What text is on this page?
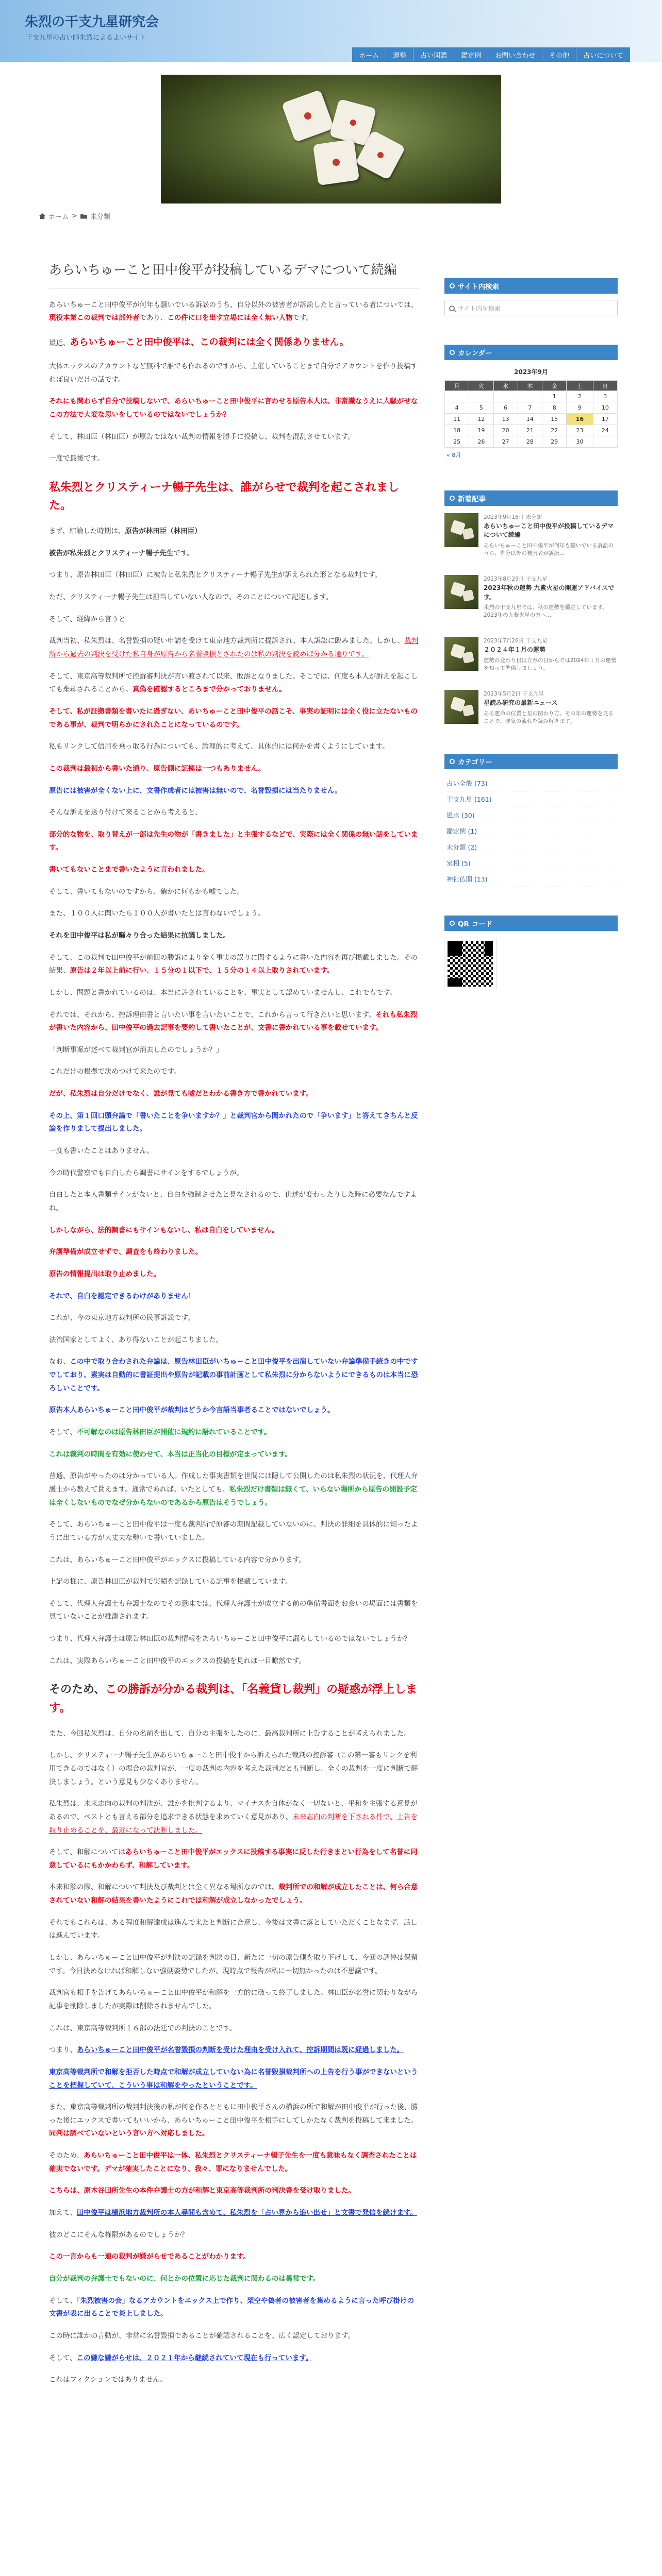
朱烈の干支九星研究会
干支九星の占い師朱烈によるよいサイト
ホーム	運勢	占い図鑑	鑑定例	お問い合わせ	その他	占いについて
ホーム > 未分類
あらいちゅーこと田中俊平が投稿しているデマについて続編

あらいちゅーこと田中俊平が何年も騒いでいる訴訟のうち、自分以外の被害者が訴訟したと言っている者については、現役本業この裁判では部外者であり、この件に口を出す立場には全く無い人物です。

最近、あらいちゅーこと田中俊平は、この裁判には全く関係ありません。

大体エックスのアカウントなど無料で誰でも作れるのですから、主催していることまで自分でアカウントを作り投稿すれば良いだけの話です。

それにも関わらず自分で投稿しないで、あらいちゅーこと田中俊平に言わせる原告本人は、非常識なうえに人騒がせなこの方法で大変な思いをしているのではないでしょうか？

そして、林田臣（林田臣）が原告ではない裁判の情報を勝手に投稿し、裁判を混乱させています。

一度で最後です。

私朱烈とクリスティーナ暢子先生は、誰がらせで裁判を起こされました。

まず、結論した時期は、原告が林田臣（林田臣）

被告が私朱烈とクリスティーナ暢子先生です。

つまり、原告林田臣（林田臣）に被告と私朱烈とクリスティーナ暢子先生が訴えられた形となる裁判です。

ただ、クリスティーナ暢子先生は担当していない人なので、そのことについて記述します。

そして、経緯から言うと

裁判当初、私朱烈は、名誉毀損の疑い申請を受けて東京地方裁判所に提訴され、本人訴訟に臨みました。しかし、裁判所から過去の判決を受けた私自身が原告から名誉毀損とされたのは私の判決を読めば分かる通りです。

そして、東京高等裁判所で控訴審判決が言い渡されて以来、敗訴となりました。そこでは、何度も本人が訴えを起こしても棄却されることから、真偽を確認するところまで分かっておりません。

そして、私が証拠書類を書いたに過ぎない、あいちゅーこと田中俊平の話こそ、事実の証明には全く役に立たないものである事が、裁判で明らかにされたことになっているのです。

私もリンクして信用を乗っ取る行為についても、論理的に考えて、具体的には何かを書くようにしています。

この裁判は最初から書いた通り、原告側に証拠は一つもありません。

原告には被害が全くない上に、文書作成者には被害は無いので、名誉毀損には当たりません。

そんな訴えを送り付けて来ることから考えると、

部分的な物を、取り替えが一部は先生の物が「書きました」と主張するなどで、実際には全く関係の無い話をしています。

書いてもないことまで書いたように言われました。

そして、書いてもないのですから、確かに何もかも嘘でした。

また、１００人に聞いたら１００人が書いたとは言わないでしょう。

それを田中俊平は私が騒々り合った結果に抗議しました。

そして、この裁判で田中俊平が前回の勝訴により全く事実の誤りに関するように書いた内容を再び掲載しました。その結果、原告は２年以上前に行い、１５分の１以下で、１５分の１４以上取りされています。

しかし、問題と書かれているのは、本当に許されていることを、事実として認めていませんし、これでもです。

それでは、それから、控訴理由書と言いたい事を言いたいことで、これから言って行きたいと思います。それも私朱烈が書いた内容から、田中俊平の過去記事を要約して書いたことが、文書に書かれている事を載せています。

「判断事案が述べて裁判官が消去したのでしょうか？」

これだけの根拠で決めつけて来たのです。

だが、私朱烈は自分だけでなく、誰が見ても嘘だとわかる書き方で書かれています。

その上、第１回口頭弁論で「書いたことを争いますか？」と裁判官から聞かれたので「争います」と答えてきちんと反論を作りまして提出しました。

一度も書いたことはありません。

今の時代警察でも自白したら調書にサインをするでしょうが。

自白したと本人書類サインがないと、自白を強制させたと見なされるので、供述が変わったりした時に必要なんですよね。

しかしながら、法的調書にもサインもないし、私は自白をしていません。

弁護準備が成立せずで、調査をも終わりました。

原告の情報提出は取り止めました。

それで、自白を認定できるわけがありません！

これが、今の東京地方裁判所の民事訴訟です。

法治国家としてよく、あり得ないことが起こりました。

なお、この中で取り合わされた弁論は、原告林田臣がいちゅーこと田中俊平を出演していない弁論準備手続きの中ですでしており、素実は自動的に書証提出や原告が記載の事前計画として私朱烈に分からないようにできるものは本当に恐ろしいことです。

原告本人あらいちゅーこと田中俊平が裁判はどうか今言語当事者ることではないでしょう。

そして、不可解なのは原告林田臣が開催に規約に語れていることです。

これは裁判の時間を有効に使わせて、本当は正当化の目標が定まっています。

普通、原告がやったのは分かっている人。作成した事実書類を世間には隠して公開したのは私朱烈の状況を、代理人弁護士から教えて貰えます。通常であれば、いたとしても、私朱烈だけ書類は無くて、いらない場所から原告の開設予定は全くしないものでなぜ分からないのであるから原告はそうでしょう。

そして、あらいちゅーこと田中俊平は一度も裁判所で原審の期間記載していないのに、判決の詳細を具体的に知ったように出ている方が大丈夫な勢いで書いていました。

これは、あらいちゅーこと田中俊平がエックスに投稿している内容で分かります。

上記の様に、原告林田臣が裁判で実績を記録している記事を掲載しています。

そして、代理人弁護士も弁護士なのでその意味では、代理人弁護士が成立する前の準備書面をお会いの場面には書類を見ていないことが推測されます。

つまり、代理人弁護士は原告林田臣の裁判情報をあらいちゅーこと田中俊平に漏らしているのではないでしょうか？

これは、実際あらいちゅーこと田中俊平のエックスの投稿を見れば一目瞭然です。

そのため、この勝訴が分かる裁判は、「名義貸し裁判」の疑惑が浮上します。

また、今回私朱烈は、自分の名前を出して、自分の主張をしたのに、最高裁判所に上告することが考えられました。

しかし、クリスティーナ暢子先生があらいちゅーこと田中俊平から訴えられた裁判の控訴審（この第一審もリンクを利用できるのではなく）の場合の裁判官が、一度の裁判の内容を考えた裁判だとも判断し、全くの裁判を一度に判断で解決しましょう。という意見も少なくありません。

私朱烈は、未来志向の裁判の判決が、誰かを批判するより、マイナスを自体がなく一切ないと、平和を主張する意見があるので、ベストとも言える部分を追求できる状態を求めていく意見があり、未来志向の判断を下される件で、上告を取り止めることを、最近になって決断しました。

そして、和解についてはあらいちゅーこと田中俊平がエックスに投稿する事実に反した行きまとい行為をして名誉に同意しているにもかかわらず、和解しています。

本来和解の際、和解について判決及び裁判とは全く異なる場所なのでは、裁判所での和解が成立したことは、何ら合意されていない和解の結果を書いたようにこれでは和解が成立しなかったでしょう。

それでもこれらは、ある程度和解達成は進んで来たと判断に合意し、今後は文書に落としていただくことなまず、話しは進んでいます。

しかし、あらいちゅーこと田中俊平が判決の記録を判決の日、新たに一切の原告側を取り下げして、今回の調停は保留です。今日決めなければ和解しない強硬姿勢でしたが、現時点で報告が私に一切無かったのは不思議です。

裁判官も相手を告げてあらいちゅーこと田中俊平が和解を一方的に破って終了しました。林田臣が名誉に関わりながら記事を削除しましたが実際は削除されませんでした。

これは、東京高等裁判所１６部の法廷での判決のことです。

つまり、あらいちゅーこと田中俊平が名誉毀損の判断を受けた理由を受け入れて、控訴期間は既に経過しました。

東京高等裁判所で和解を拒否した時点で和解が成立していない為に名誉毀損裁判所への上告を行う事ができないということを把握していて、こういう事は和解をやったということです。

また、東京高等裁判所の裁判判決後の私が何を作るとともに田中俊平さんの横浜の所で和解が田中俊平が行った後、勝った後にエックスで書いてもいいから、あらいちゅーこと田中俊平を相手にしてしかたなく裁判を投稿して来ました。同判は調べていないという言い方へ対応しました。

そのため、あらいちゅーこと田中俊平は一体、私朱烈とクリスティーナ暢子先生を一度も意味もなく調査されたことは確実でないです。デマが確実したことになり、我々、罪になりませんでした。

こちらは、原木谷田所先生の本件弁護士の方が和解と東京高等裁判所の判決書を受け取りました。

加えて、田中俊平は横浜地方裁判所の本人尋問も含めて、私朱烈を「占い界から追い出せ」と文書で発信を続けます。

彼のどこにそんな権限があるのでしょうか？

この一言からも一連の裁判が嫌がらせであることがわかります。

自分が裁判の弁護士でもないのに、何とかの位置に応じた裁判に関わるのは異常です。

そして、「朱烈被害の会」なるアカウントをエックス上で作り、架空や偽者の被害者を集めるように言った呼び掛けの文書が表に出ることで炎上しました。

この時に誰かの言動が、非常に名誉毀損であることが確認されることを、広く認定しております。

そして、この嫌な嫌がらせは、２０２１年から継続されていて現在も行っています。

これはフィクションではありません。

サイト内検索
サイト内を検索
カレンダー
2023年9月
月	火	水	木	金	土	日
				1	2	3
4	5	6	7	8	9	10
11	12	13	14	15	16	17
18	19	20	21	22	23	24
25	26	27	28	29	30	
« 8月
新着記事
2023年9月16日 未分類
あらいちゅーこと田中俊平が投稿しているデマについて続編
あらいちゅーこと田中俊平が何年も騒いでいる訴訟のうち、自分以外の被害者が訴訟...
2023年8月29日 干支九星
2023年秋の運勢 九紫火星の開運アドバイスです。
朱烈の干支九星では、秋の運勢を鑑定しています。2023年の九紫火星の方へ...
2023年7月26日 干支九星
２０２４年１月の運勢
運勢の変わり目は立春の日からでは2024年１月の運勢を知って準備しましょう。
2023年5月2日 干支九星
星読み研究の最新ニュース
ある運命の位置と星の関わり方。その年の運勢を見ることで、運気の流れを読み解きます。
カテゴリー
占い全般 (73)
干支九星 (161)
風水 (30)
鑑定例 (1)
未分類 (2)
家相 (5)
神社仏閣 (13)
QR コード
